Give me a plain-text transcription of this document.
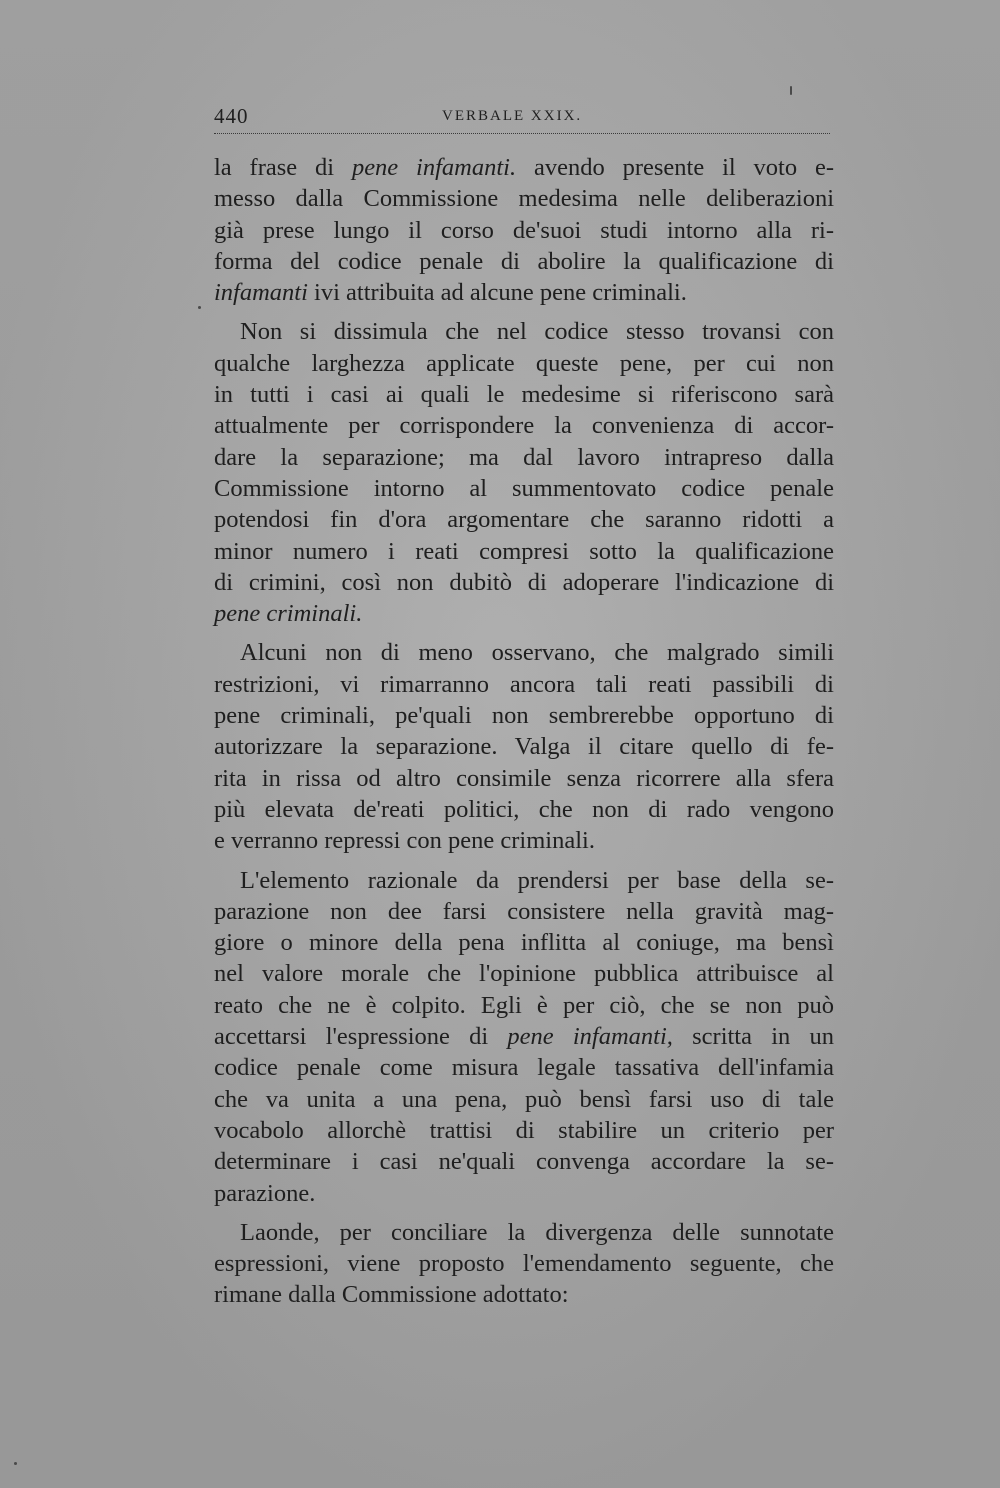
440	VERBALE XXIX.

la frase di pene infamanti. avendo presente il voto e-
messo dalla Commissione medesima nelle deliberazioni
già prese lungo il corso de'suoi studi intorno alla ri-
forma del codice penale di abolire la qualificazione di
infamanti ivi attribuita ad alcune pene criminali.

Non si dissimula che nel codice stesso trovansi con
qualche larghezza applicate queste pene, per cui non
in tutti i casi ai quali le medesime si riferiscono sarà
attualmente per corrispondere la convenienza di accor-
dare la separazione; ma dal lavoro intrapreso dalla
Commissione intorno al summentovato codice penale
potendosi fin d'ora argomentare che saranno ridotti a
minor numero i reati compresi sotto la qualificazione
di crimini, così non dubitò di adoperare l'indicazione di
pene criminali.

Alcuni non di meno osservano, che malgrado simili
restrizioni, vi rimarranno ancora tali reati passibili di
pene criminali, pe'quali non sembrerebbe opportuno di
autorizzare la separazione. Valga il citare quello di fe-
rita in rissa od altro consimile senza ricorrere alla sfera
più elevata de'reati politici, che non di rado vengono
e verranno repressi con pene criminali.

L'elemento razionale da prendersi per base della se-
parazione non dee farsi consistere nella gravità mag-
giore o minore della pena inflitta al coniuge, ma bensì
nel valore morale che l'opinione pubblica attribuisce al
reato che ne è colpito. Egli è per ciò, che se non può
accettarsi l'espressione di pene infamanti, scritta in un
codice penale come misura legale tassativa dell'infamia
che va unita a una pena, può bensì farsi uso di tale
vocabolo allorchè trattisi di stabilire un criterio per
determinare i casi ne'quali convenga accordare la se-
parazione.

Laonde, per conciliare la divergenza delle sunnotate
espressioni, viene proposto l'emendamento seguente, che
rimane dalla Commissione adottato:
